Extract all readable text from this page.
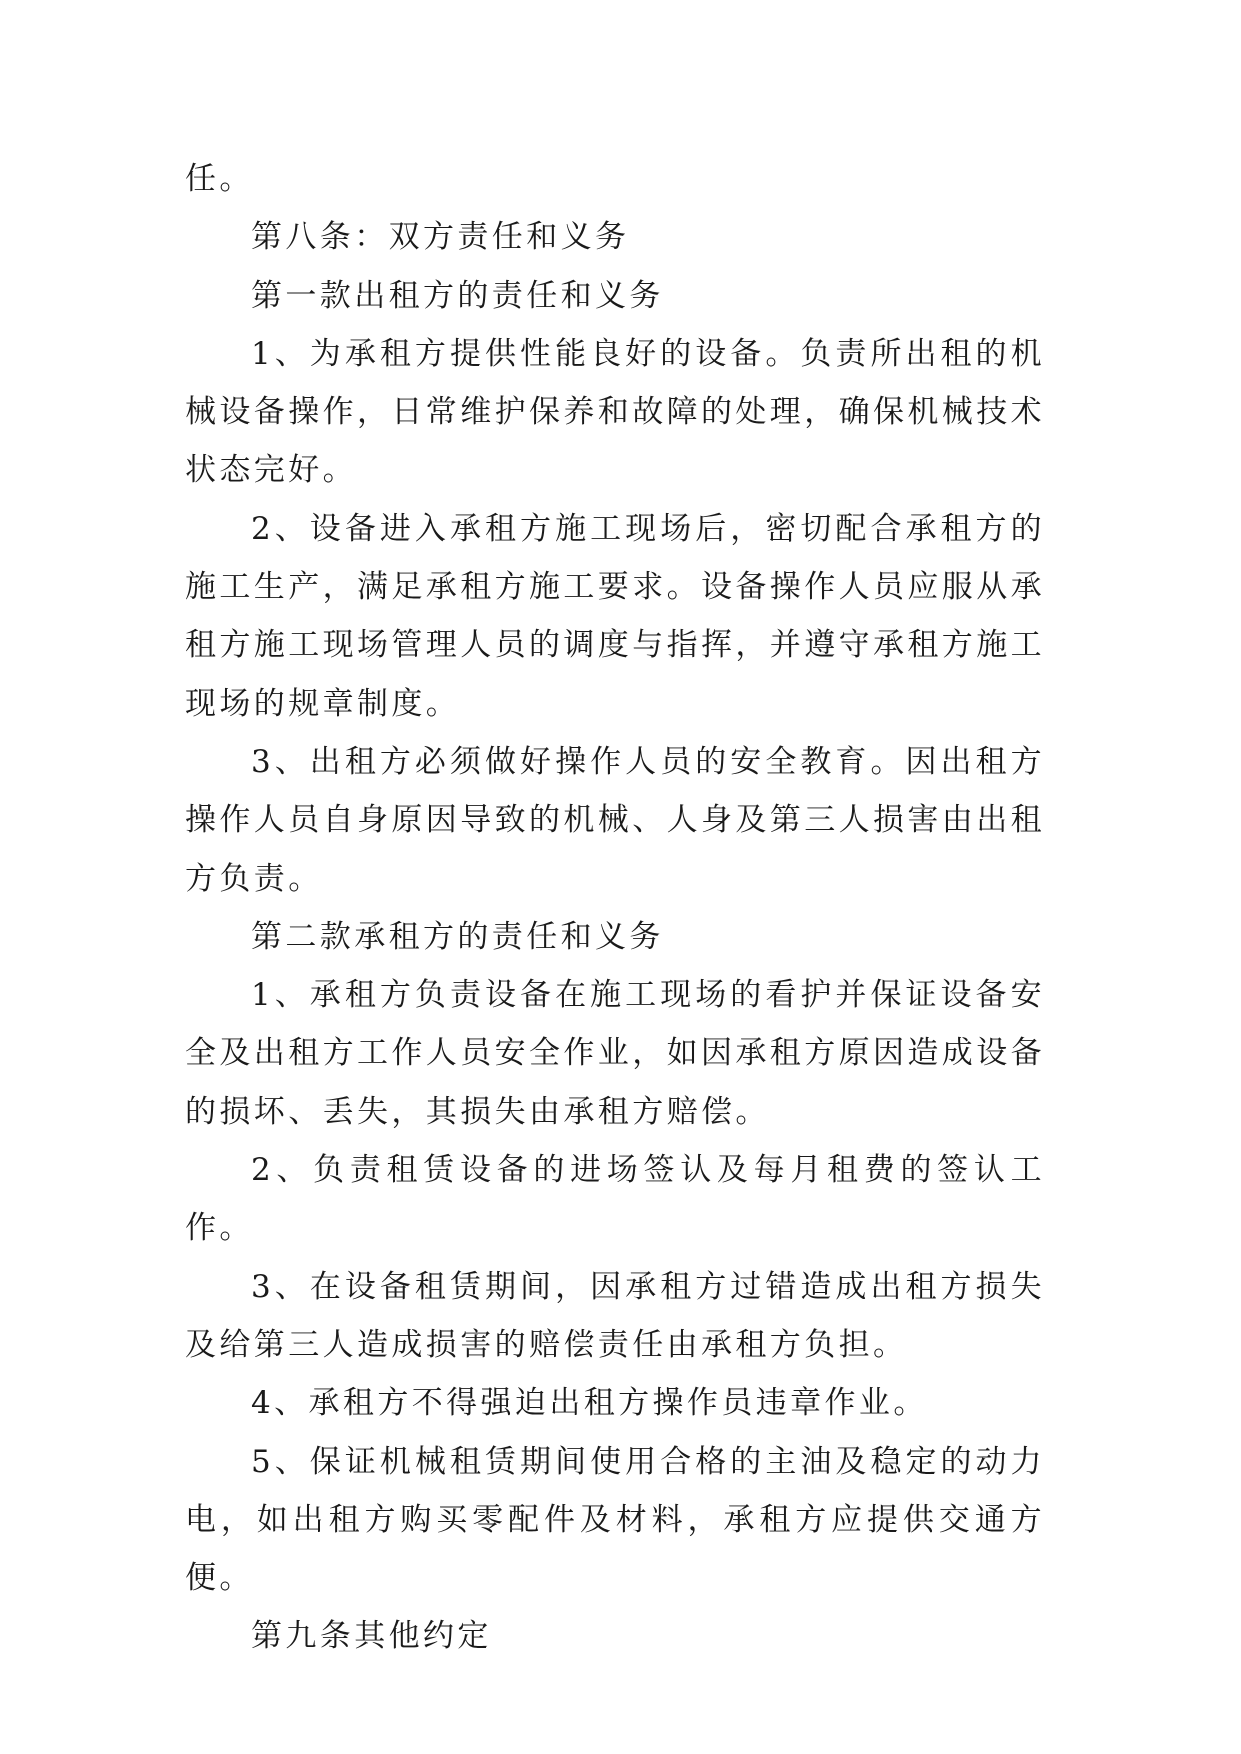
任。

第八条：双方责任和义务

第一款出租方的责任和义务

1、为承租方提供性能良好的设备。负责所出租的机械设备操作，日常维护保养和故障的处理，确保机械技术状态完好。

2、设备进入承租方施工现场后，密切配合承租方的施工生产，满足承租方施工要求。设备操作人员应服从承租方施工现场管理人员的调度与指挥，并遵守承租方施工现场的规章制度。

3、出租方必须做好操作人员的安全教育。因出租方操作人员自身原因导致的机械、人身及第三人损害由出租方负责。

第二款承租方的责任和义务

1、承租方负责设备在施工现场的看护并保证设备安全及出租方工作人员安全作业，如因承租方原因造成设备的损坏、丢失，其损失由承租方赔偿。

2、负责租赁设备的进场签认及每月租费的签认工作。

3、在设备租赁期间，因承租方过错造成出租方损失及给第三人造成损害的赔偿责任由承租方负担。

4、承租方不得强迫出租方操作员违章作业。

5、保证机械租赁期间使用合格的主油及稳定的动力电，如出租方购买零配件及材料，承租方应提供交通方便。

第九条其他约定
